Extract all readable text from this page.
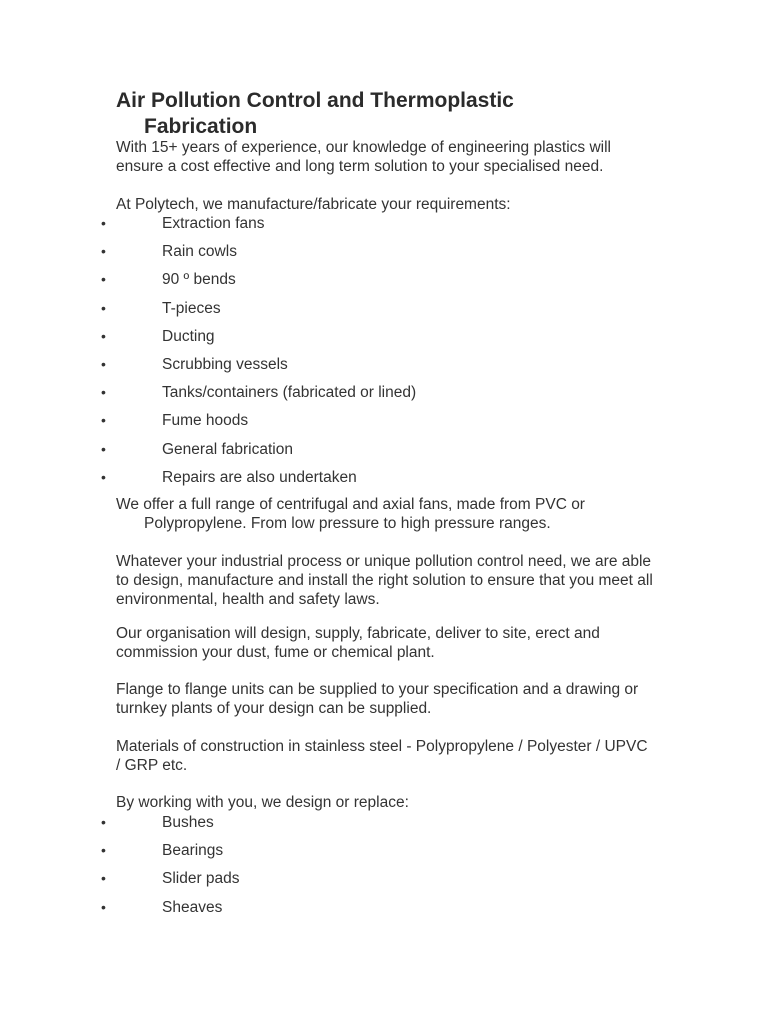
Air Pollution Control and Thermoplastic Fabrication

With 15+ years of experience, our knowledge of engineering plastics will ensure a cost effective and long term solution to your specialised need.

At Polytech, we manufacture/fabricate your requirements:

•	Extraction fans
•	Rain cowls
•	90 º bends
•	T-pieces
•	Ducting
•	Scrubbing vessels
•	Tanks/containers (fabricated or lined)
•	Fume hoods
•	General fabrication
•	Repairs are also undertaken

We offer a full range of centrifugal and axial fans, made from PVC or Polypropylene. From low pressure to high pressure ranges.

Whatever your industrial process or unique pollution control need, we are able to design, manufacture and install the right solution to ensure that you meet all environmental, health and safety laws.

Our organisation will design, supply, fabricate, deliver to site, erect and commission your dust, fume or chemical plant.

Flange to flange units can be supplied to your specification and a drawing or turnkey plants of your design can be supplied.

Materials of construction in stainless steel - Polypropylene / Polyester / UPVC / GRP etc.

By working with you, we design or replace:

•	Bushes
•	Bearings
•	Slider pads
•	Sheaves
